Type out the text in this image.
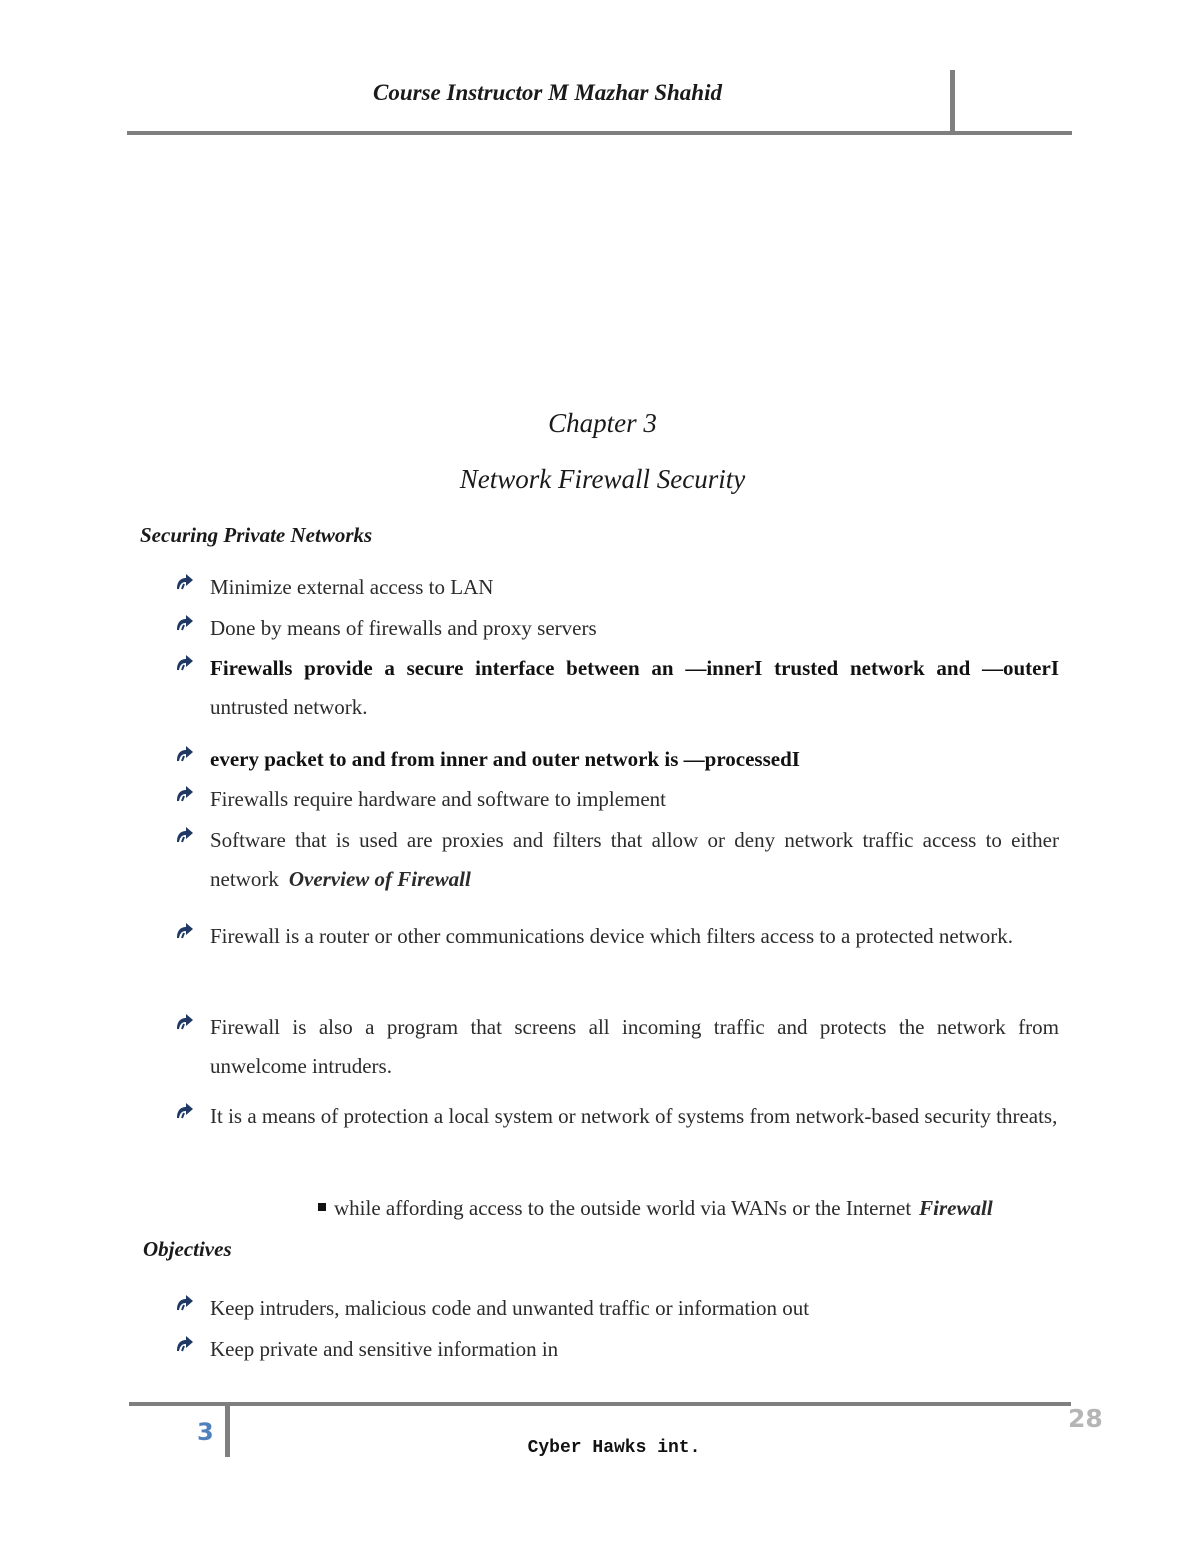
Course Instructor M Mazhar Shahid
Chapter 3
Network Firewall Security
Securing Private Networks
Minimize external access to LAN
Done by means of firewalls and proxy servers
Firewalls provide a secure interface between an —innerI trusted network and —outerI untrusted network.
every packet to and from inner and outer network is —processedI
Firewalls require hardware and software to implement
Software that is used are proxies and filters that allow or deny network traffic access to either network Overview of Firewall
Firewall is a router or other communications device which filters access to a protected network.
Firewall is also a program that screens all incoming traffic and protects the network from unwelcome intruders.
It is a means of protection a local system or network of systems from network-based security threats,
while affording access to the outside world via WANs or the Internet Firewall
Objectives
Keep intruders, malicious code and unwanted traffic or information out
Keep private and sensitive information in
3
Cyber Hawks int.
28
